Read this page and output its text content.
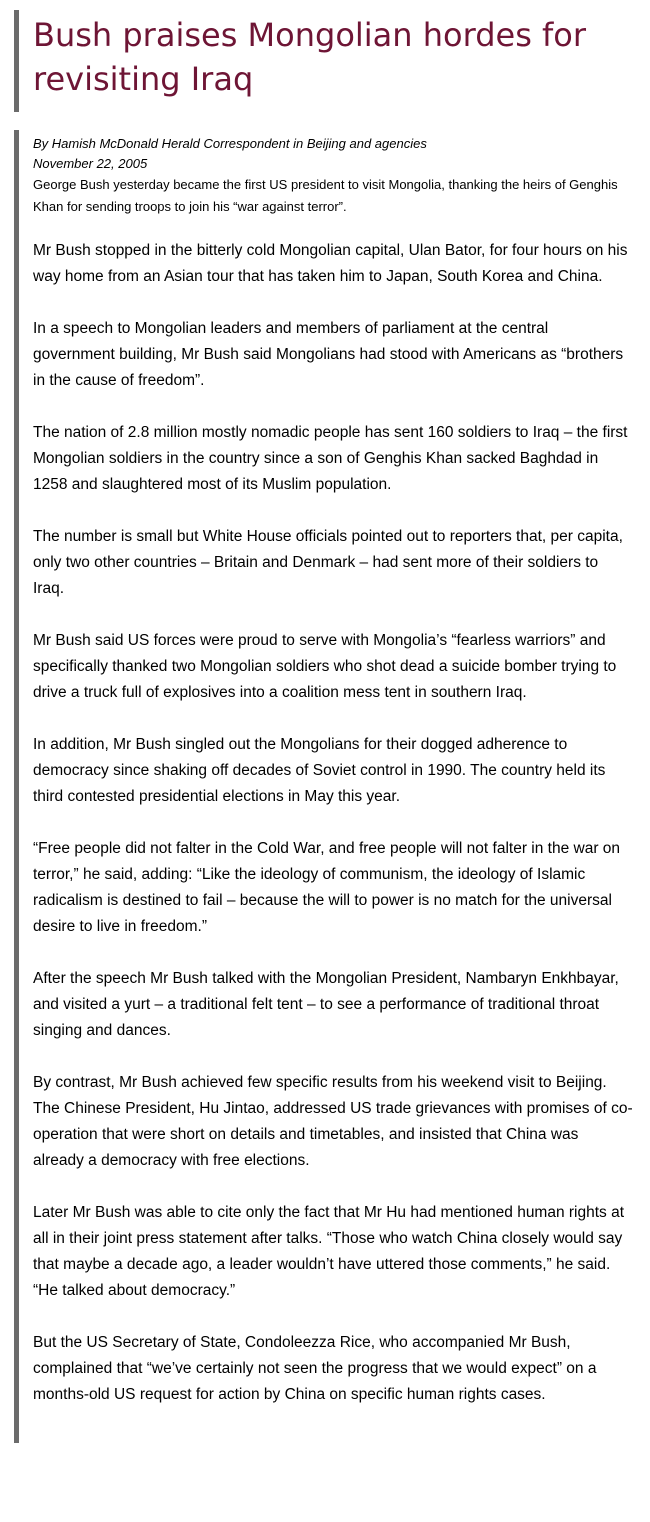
Bush praises Mongolian hordes for revisiting Iraq

By Hamish McDonald Herald Correspondent in Beijing and agencies

November 22, 2005

George Bush yesterday became the first US president to visit Mongolia, thanking the heirs of Genghis Khan for sending troops to join his “war against terror”.

Mr Bush stopped in the bitterly cold Mongolian capital, Ulan Bator, for four hours on his way home from an Asian tour that has taken him to Japan, South Korea and China.

In a speech to Mongolian leaders and members of parliament at the central government building, Mr Bush said Mongolians had stood with Americans as “brothers in the cause of freedom”.

The nation of 2.8 million mostly nomadic people has sent 160 soldiers to Iraq – the first Mongolian soldiers in the country since a son of Genghis Khan sacked Baghdad in 1258 and slaughtered most of its Muslim population.

The number is small but White House officials pointed out to reporters that, per capita, only two other countries – Britain and Denmark – had sent more of their soldiers to Iraq.

Mr Bush said US forces were proud to serve with Mongolia’s “fearless warriors” and specifically thanked two Mongolian soldiers who shot dead a suicide bomber trying to drive a truck full of explosives into a coalition mess tent in southern Iraq.

In addition, Mr Bush singled out the Mongolians for their dogged adherence to democracy since shaking off decades of Soviet control in 1990. The country held its third contested presidential elections in May this year.

“Free people did not falter in the Cold War, and free people will not falter in the war on terror,” he said, adding: “Like the ideology of communism, the ideology of Islamic radicalism is destined to fail – because the will to power is no match for the universal desire to live in freedom.”

After the speech Mr Bush talked with the Mongolian President, Nambaryn Enkhbayar, and visited a yurt – a traditional felt tent – to see a performance of traditional throat singing and dances.

By contrast, Mr Bush achieved few specific results from his weekend visit to Beijing. The Chinese President, Hu Jintao, addressed US trade grievances with promises of co-operation that were short on details and timetables, and insisted that China was already a democracy with free elections.

Later Mr Bush was able to cite only the fact that Mr Hu had mentioned human rights at all in their joint press statement after talks. “Those who watch China closely would say that maybe a decade ago, a leader wouldn’t have uttered those comments,” he said. “He talked about democracy.”

But the US Secretary of State, Condoleezza Rice, who accompanied Mr Bush, complained that “we’ve certainly not seen the progress that we would expect” on a months-old US request for action by China on specific human rights cases.
